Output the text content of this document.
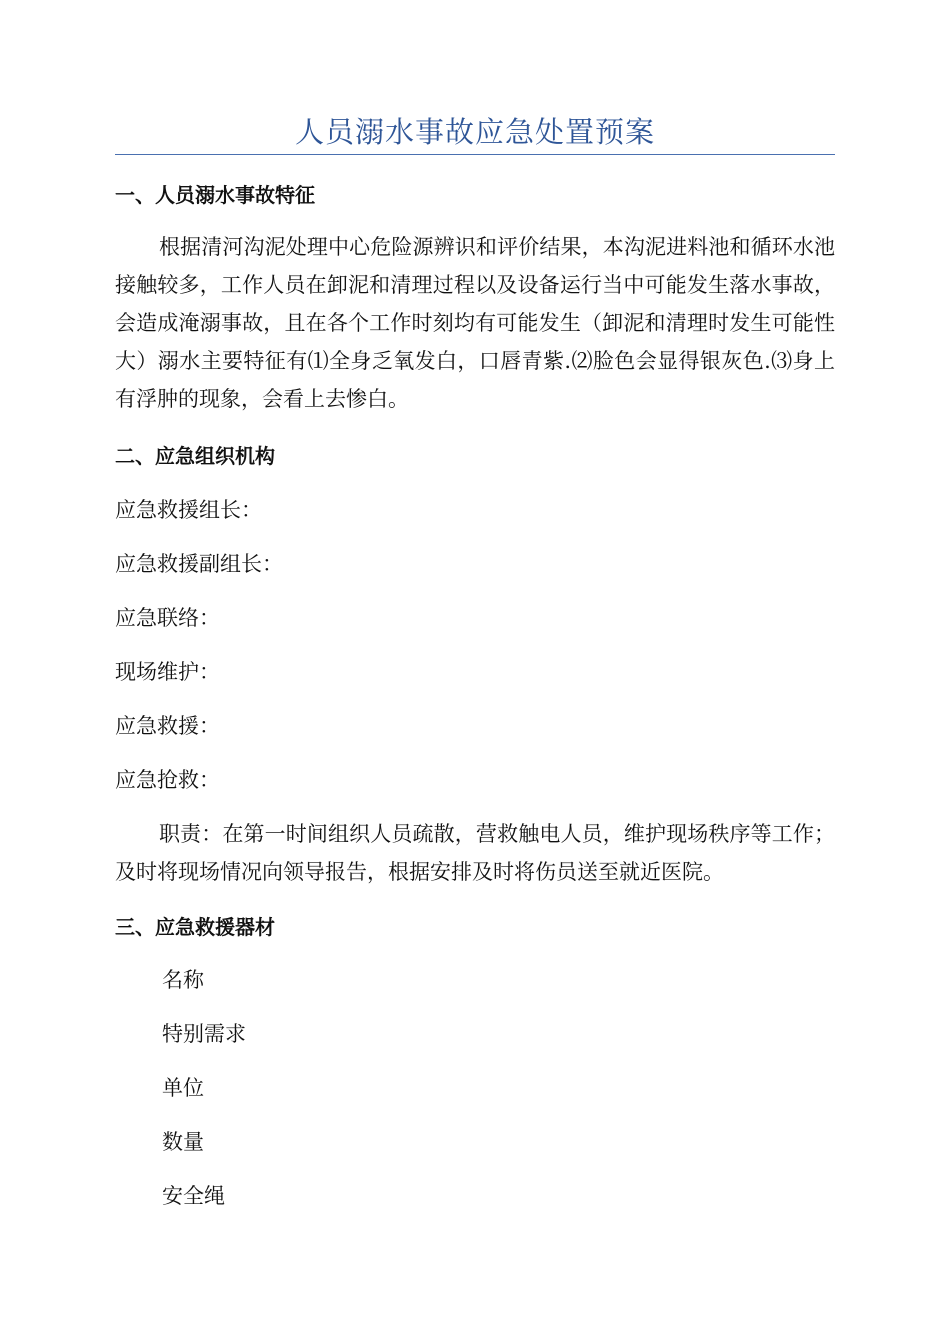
人员溺水事故应急处置预案
一、人员溺水事故特征
根据清河沟泥处理中心危险源辨识和评价结果，本沟泥进料池和循环水池接触较多，工作人员在卸泥和清理过程以及设备运行当中可能发生落水事故，会造成淹溺事故，且在各个工作时刻均有可能发生（卸泥和清理时发生可能性大）溺水主要特征有⑴全身乏氧发白，口唇青紫.⑵脸色会显得银灰色.⑶身上有浮肿的现象，会看上去惨白。
二、应急组织机构
应急救援组长：
应急救援副组长：
应急联络：
现场维护：
应急救援：
应急抢救：
职责：在第一时间组织人员疏散，营救触电人员，维护现场秩序等工作；及时将现场情况向领导报告，根据安排及时将伤员送至就近医院。
三、应急救援器材
名称
特别需求
单位
数量
安全绳
